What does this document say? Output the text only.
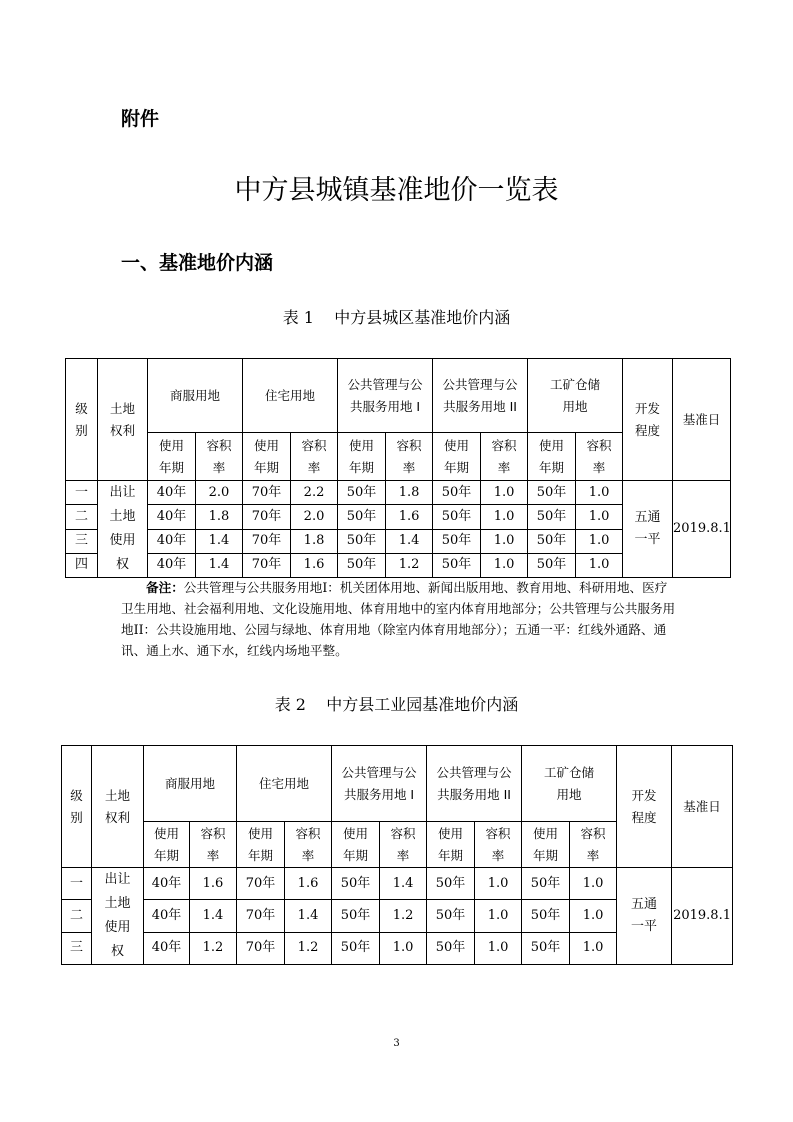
附件
中方县城镇基准地价一览表
一、基准地价内涵
表 1    中方县城区基准地价内涵
级别	土地权利	商服用地		住宅用地		公共管理与公共服务用地 I		公共管理与公共服务用地 II		工矿仓储用地		开发程度	基准日
		使用年期	容积率	使用年期	容积率	使用年期	容积率	使用年期	容积率	使用年期	容积率		
一	出让土地使用权	40年	2.0	70年	2.2	50年	1.8	50年	1.0	50年	1.0	五通一平	2019.8.1
二		40年	1.8	70年	2.0	50年	1.6	50年	1.0	50年	1.0		
三		40年	1.4	70年	1.8	50年	1.4	50年	1.0	50年	1.0		
四		40年	1.4	70年	1.6	50年	1.2	50年	1.0	50年	1.0		
备注：公共管理与公共服务用地I：机关团体用地、新闻出版用地、教育用地、科研用地、医疗卫生用地、社会福利用地、文化设施用地、体育用地中的室内体育用地部分；公共管理与公共服务用地II：公共设施用地、公园与绿地、体育用地（除室内体育用地部分）；五通一平：红线外通路、通讯、通上水、通下水，红线内场地平整。
表 2    中方县工业园基准地价内涵
级别	土地权利	商服用地		住宅用地		公共管理与公共服务用地 I		公共管理与公共服务用地 II		工矿仓储用地		开发程度	基准日
		使用年期	容积率	使用年期	容积率	使用年期	容积率	使用年期	容积率	使用年期	容积率		
一	出让土地使用权	40年	1.6	70年	1.6	50年	1.4	50年	1.0	50年	1.0	五通一平	2019.8.1
二		40年	1.4	70年	1.4	50年	1.2	50年	1.0	50年	1.0		
三		40年	1.2	70年	1.2	50年	1.0	50年	1.0	50年	1.0		
3
